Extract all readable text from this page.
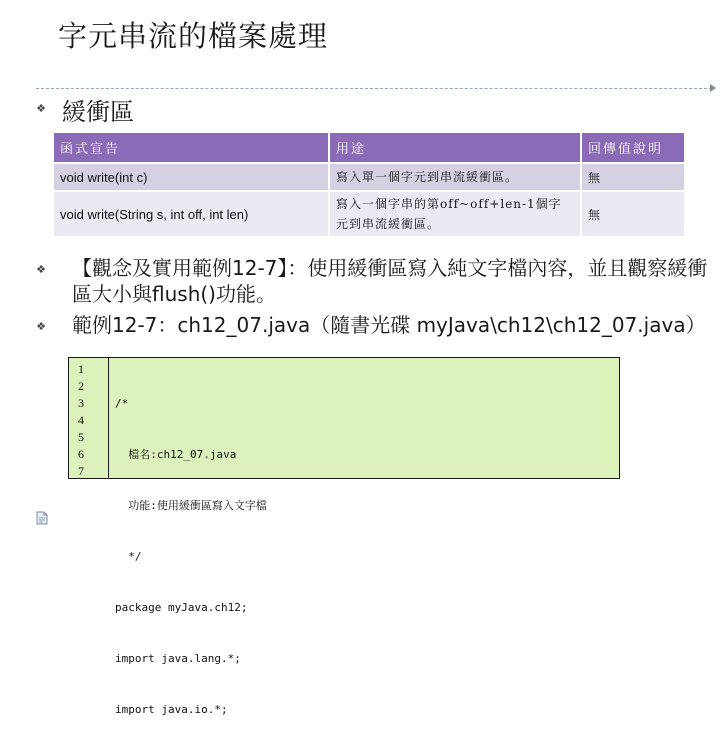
字元串流的檔案處理
❖ 緩衝區
函式宣告	用途	回傳值說明
void write(int c)	寫入單一個字元到串流緩衝區。	無
void write(String s, int off, int len)	寫入一個字串的第off~off+len-1個字元到串流緩衝區。	無
❖ 【觀念及實用範例12-7】：使用緩衝區寫入純文字檔內容，並且觀察緩衝區大小與flush()功能。
❖ 範例12-7：ch12_07.java（隨書光碟 myJava\ch12\ch12_07.java）
1
2
3
4
5
6
7

/*

檔名:ch12_07.java

功能:使用緩衝區寫入文字檔

*/

package myJava.ch12;

import java.lang.*;

import java.io.*;
